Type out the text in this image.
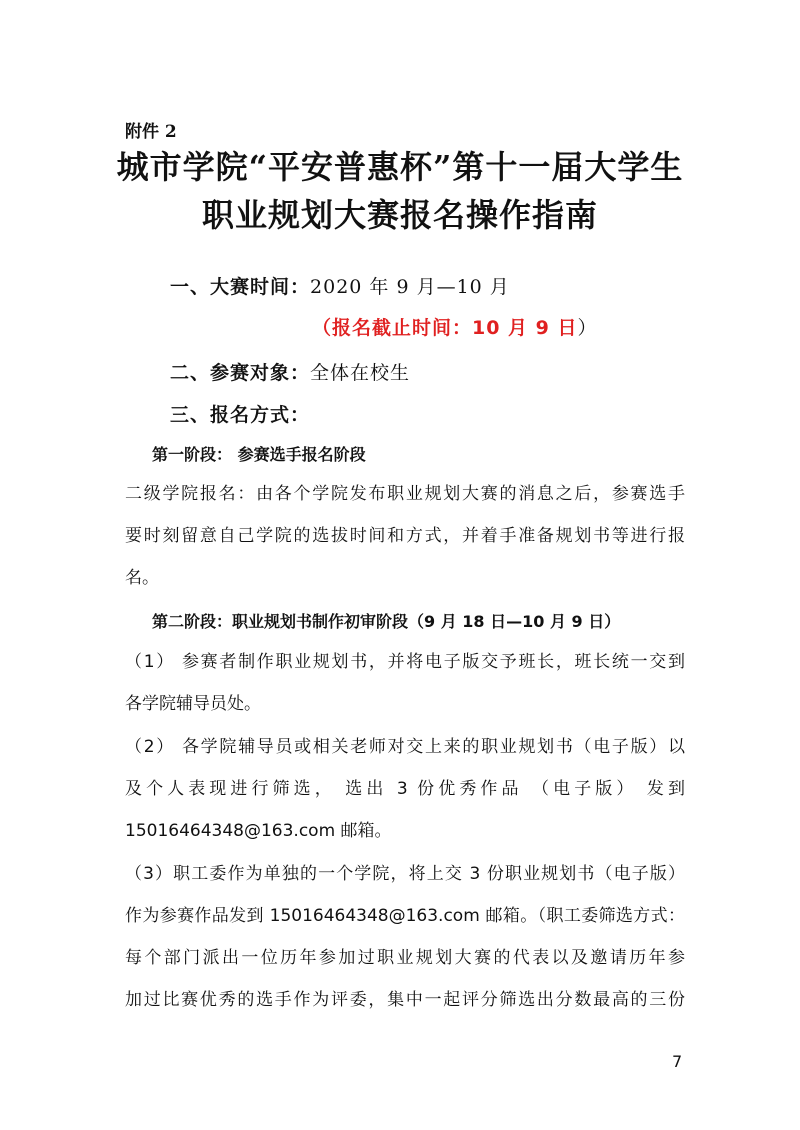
附件 2
城市学院“平安普惠杯”第十一届大学生
职业规划大赛报名操作指南
一、大赛时间：2020 年 9 月—10 月
（报名截止时间：10 月 9 日）
二、参赛对象：全体在校生
三、报名方式：
第一阶段： 参赛选手报名阶段
二级学院报名：由各个学院发布职业规划大赛的消息之后，参赛选手
要时刻留意自己学院的选拔时间和方式，并着手准备规划书等进行报
名。
第二阶段：职业规划书制作初审阶段（9 月 18 日—10 月 9 日）
（1） 参赛者制作职业规划书，并将电子版交予班长，班长统一交到
各学院辅导员处。
（2） 各学院辅导员或相关老师对交上来的职业规划书（电子版）以
及个人表现进行筛选， 选出 3 份优秀作品 （电子版） 发到
15016464348@163.com 邮箱。
（3）职工委作为单独的一个学院，将上交 3 份职业规划书（电子版）
作为参赛作品发到 15016464348@163.com 邮箱。（职工委筛选方式：
每个部门派出一位历年参加过职业规划大赛的代表以及邀请历年参
加过比赛优秀的选手作为评委，集中一起评分筛选出分数最高的三份
7
